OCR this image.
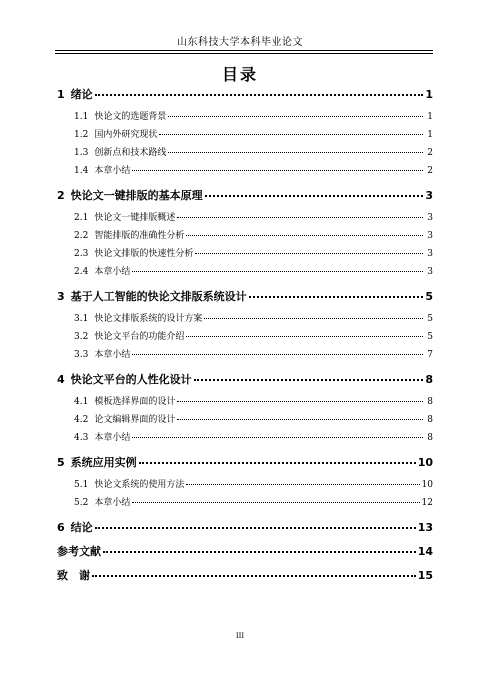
山东科技大学本科毕业论文
目录
1 绪论	1
1.1 快论文的选题背景	1
1.2 国内外研究现状	1
1.3 创新点和技术路线	2
1.4 本章小结	2
2 快论文一键排版的基本原理	3
2.1 快论文一键排版概述	3
2.2 智能排版的准确性分析	3
2.3 快论文排版的快速性分析	3
2.4 本章小结	3
3 基于人工智能的快论文排版系统设计	5
3.1 快论文排版系统的设计方案	5
3.2 快论文平台的功能介绍	5
3.3 本章小结	7
4 快论文平台的人性化设计	8
4.1 模板选择界面的设计	8
4.2 论文编辑界面的设计	8
4.3 本章小结	8
5 系统应用实例	10
5.1 快论文系统的使用方法	10
5.2 本章小结	12
6 结论	13
参考文献	14
致　谢	15
III
